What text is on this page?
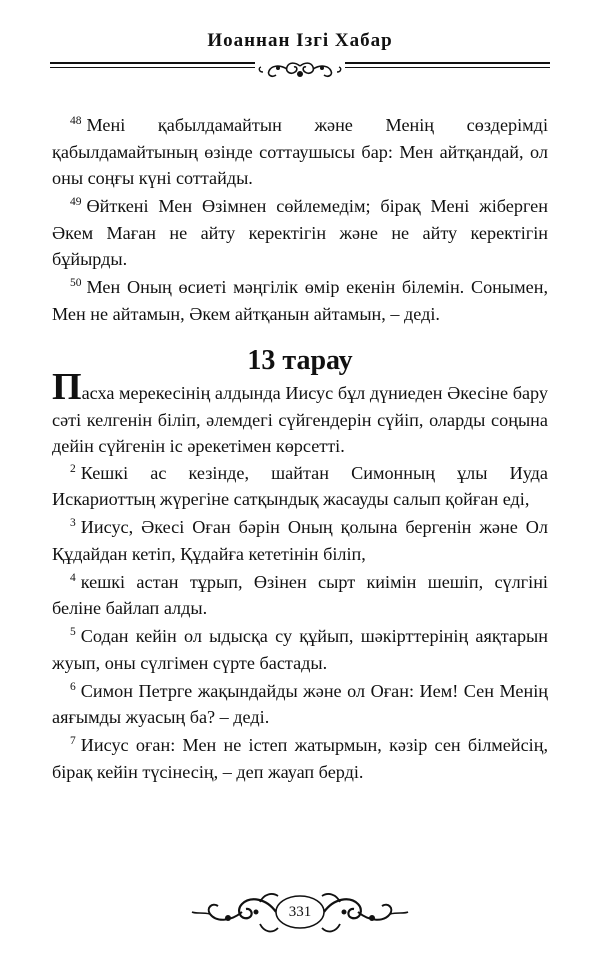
Иоаннан Ізгі Хабар

$^{48}$ Мені қабылдамайтын және Менің сөздерімді қабылдамайтының өзінде соттаушысы бар: Мен айтқандай, ол оны соңғы күні соттайды.

$^{49}$ Өйткені Мен Өзімнен сөйлемедім; бірақ Мені жіберген Әкем Маған не айту керектігін және не айту керектігін бұйырды.

$^{50}$ Мен Оның өсиеті мәңгілік өмір екенін білемін. Сонымен, Мен не айтамын, Әкем айтқанын айтамын, – деді.

13 тарау

Пасха мерекесінің алдында Иисус бұл дүниеден Әкесіне бару сәті келгенін біліп, әлемдегі сүйгендерін сүйіп, оларды соңына дейін сүйгенін іс әрекетімен көрсетті.

$^2$ Кешкі ас кезінде, шайтан Симонның ұлы Иуда Искариоттың жүрегіне сатқындық жасауды салып қойған еді,

$^3$ Иисус, Әкесі Оған бәрін Оның қолына бергенін және Ол Құдайдан кетіп, Құдайға кететінін біліп,

$^4$ кешкі астан тұрып, Өзінен сырт киімін шешіп, сүлгіні беліне байлап алды.

$^5$ Содан кейін ол ыдысқа су құйып, шәкірттерінің аяқтарын жуып, оны сүлгімен сүрте бастады.

$^6$ Симон Петрге жақындайды және ол Оған: Ием! Сен Менің аяғымды жуасың ба? – деді.

$^7$ Иисус оған: Мен не істеп жатырмын, кәзір сен білмейсің, бірақ кейін түсінесің, – деп жауап берді.

331
